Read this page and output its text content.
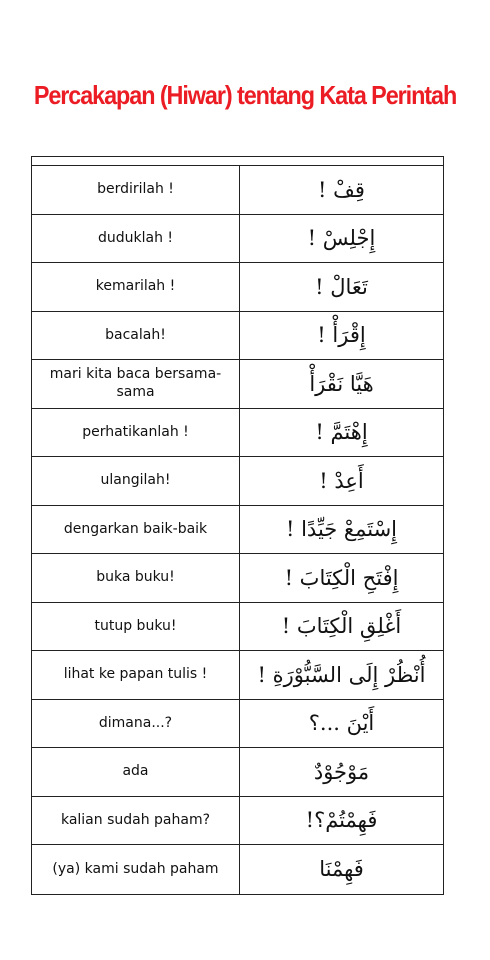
Percakapan (Hiwar) tentang Kata Perintah
berdirilah !	قِفْ !
duduklah !	إِجْلِسْ !
kemarilah !	تَعَالْ !
bacalah!	إِقْرَأْ !
mari kita baca bersama-sama	هَيَّا نَقْرَأْ
perhatikanlah !	إِهْتَمَّ !
ulangilah!	أَعِدْ !
dengarkan baik-baik	إِسْتَمِعْ جَيِّدًا !
buka buku!	إِفْتَحِ الْكِتَابَ !
tutup buku!	أَغْلِقِ الْكِتَابَ !
lihat ke papan tulis !	أُنْظُرْ إِلَى السَّبُّوْرَةِ !
dimana...?	أَيْنَ ...؟
ada	مَوْجُوْدٌ
kalian sudah paham?	فَهِمْتُمْ؟!
(ya) kami sudah paham	فَهِمْنَا
